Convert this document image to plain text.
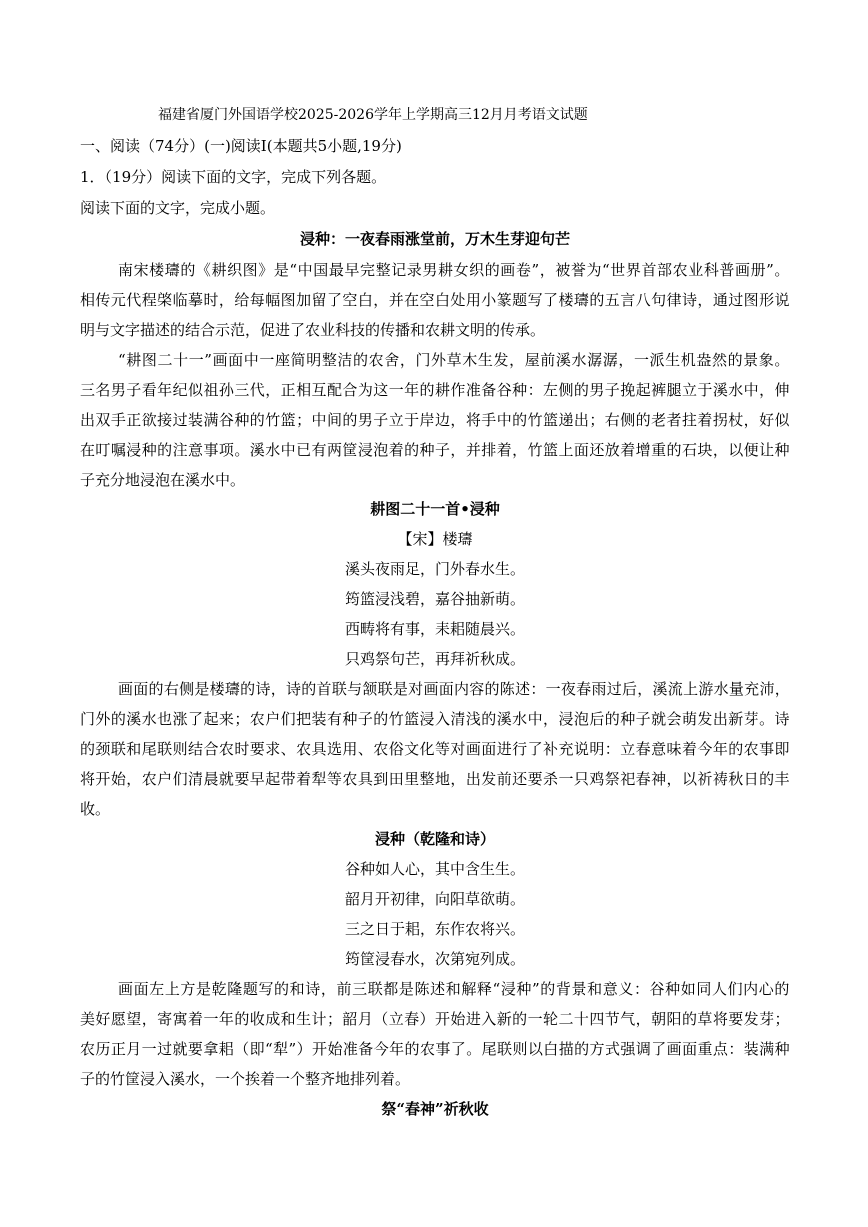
福建省厦门外国语学校2025-2026学年上学期高三12月月考语文试题
一、阅读（74分）(一)阅读Ⅰ(本题共5小题,19分)
1．（19分）阅读下面的文字，完成下列各题。
阅读下面的文字，完成小题。
浸种：一夜春雨涨堂前，万木生芽迎句芒
南宋楼璹的《耕织图》是“中国最早完整记录男耕女织的画卷”，被誉为“世界首部农业科普画册”。
相传元代程棨临摹时，给每幅图加留了空白，并在空白处用小篆题写了楼璹的五言八句律诗，通过图形说
明与文字描述的结合示范，促进了农业科技的传播和农耕文明的传承。
“耕图二十一”画面中一座简明整洁的农舍，门外草木生发，屋前溪水潺潺，一派生机盎然的景象。
三名男子看年纪似祖孙三代，正相互配合为这一年的耕作准备谷种：左侧的男子挽起裤腿立于溪水中，伸
出双手正欲接过装满谷种的竹篮；中间的男子立于岸边，将手中的竹篮递出；右侧的老者拄着拐杖，好似
在叮嘱浸种的注意事项。溪水中已有两筐浸泡着的种子，并排着，竹篮上面还放着增重的石块，以便让种
子充分地浸泡在溪水中。
耕图二十一首•浸种
【宋】楼璹
溪头夜雨足，门外春水生。
筠篮浸浅碧，嘉谷抽新萌。
西畴将有事，耒耜随晨兴。
只鸡祭句芒，再拜祈秋成。
画面的右侧是楼璹的诗，诗的首联与颔联是对画面内容的陈述：一夜春雨过后，溪流上游水量充沛，
门外的溪水也涨了起来；农户们把装有种子的竹篮浸入清浅的溪水中，浸泡后的种子就会萌发出新芽。诗
的颈联和尾联则结合农时要求、农具选用、农俗文化等对画面进行了补充说明：立春意味着今年的农事即
将开始，农户们清晨就要早起带着犁等农具到田里整地，出发前还要杀一只鸡祭祀春神，以祈祷秋日的丰
收。
浸种（乾隆和诗）
谷种如人心，其中含生生。
韶月开初律，向阳草欲萌。
三之日于耜，东作农将兴。
筠筐浸春水，次第宛列成。
画面左上方是乾隆题写的和诗，前三联都是陈述和解释“浸种”的背景和意义：谷种如同人们内心的
美好愿望，寄寓着一年的收成和生计；韶月（立春）开始进入新的一轮二十四节气，朝阳的草将要发芽；
农历正月一过就要拿耜（即“犁”）开始准备今年的农事了。尾联则以白描的方式强调了画面重点：装满种
子的竹筐浸入溪水，一个挨着一个整齐地排列着。
祭“春神”祈秋收
